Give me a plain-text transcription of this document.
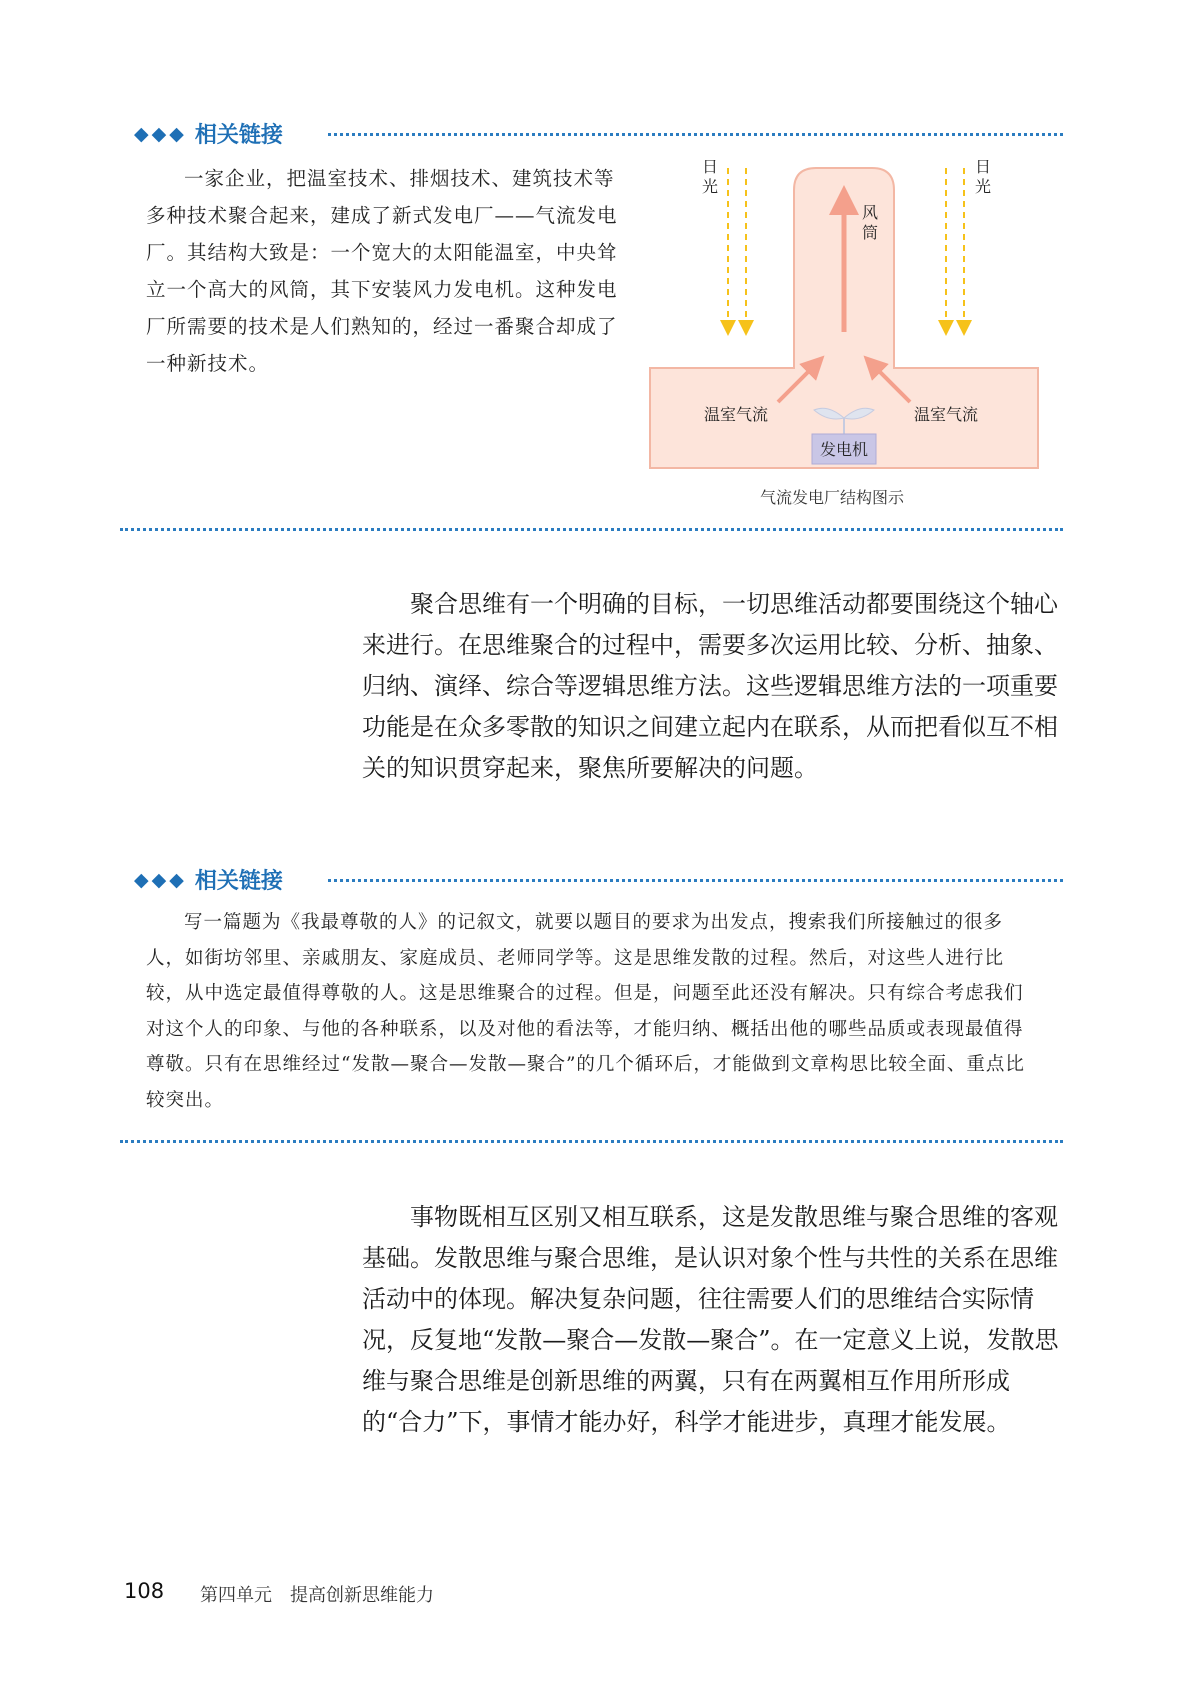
◆◆◆ 相关链接
一家企业，把温室技术、排烟技术、建筑技术等多种技术聚合起来，建成了新式发电厂——气流发电厂。其结构大致是：一个宽大的太阳能温室，中央耸立一个高大的风筒，其下安装风力发电机。这种发电厂所需要的技术是人们熟知的，经过一番聚合却成了一种新技术。
日
光
日
光
风
筒
温室气流	温室气流
发电机
气流发电厂结构图示

聚合思维有一个明确的目标，一切思维活动都要围绕这个轴心来进行。在思维聚合的过程中，需要多次运用比较、分析、抽象、归纳、演绎、综合等逻辑思维方法。这些逻辑思维方法的一项重要功能是在众多零散的知识之间建立起内在联系，从而把看似互不相关的知识贯穿起来，聚焦所要解决的问题。

◆◆◆ 相关链接
写一篇题为《我最尊敬的人》的记叙文，就要以题目的要求为出发点，搜索我们所接触过的很多人，如街坊邻里、亲戚朋友、家庭成员、老师同学等。这是思维发散的过程。然后，对这些人进行比较，从中选定最值得尊敬的人。这是思维聚合的过程。但是，问题至此还没有解决。只有综合考虑我们对这个人的印象、与他的各种联系，以及对他的看法等，才能归纳、概括出他的哪些品质或表现最值得尊敬。只有在思维经过“发散—聚合—发散—聚合”的几个循环后，才能做到文章构思比较全面、重点比较突出。

事物既相互区别又相互联系，这是发散思维与聚合思维的客观基础。发散思维与聚合思维，是认识对象个性与共性的关系在思维活动中的体现。解决复杂问题，往往需要人们的思维结合实际情况，反复地“发散—聚合—发散—聚合”。在一定意义上说，发散思维与聚合思维是创新思维的两翼，只有在两翼相互作用所形成的“合力”下，事情才能办好，科学才能进步，真理才能发展。

108 第四单元　提高创新思维能力
